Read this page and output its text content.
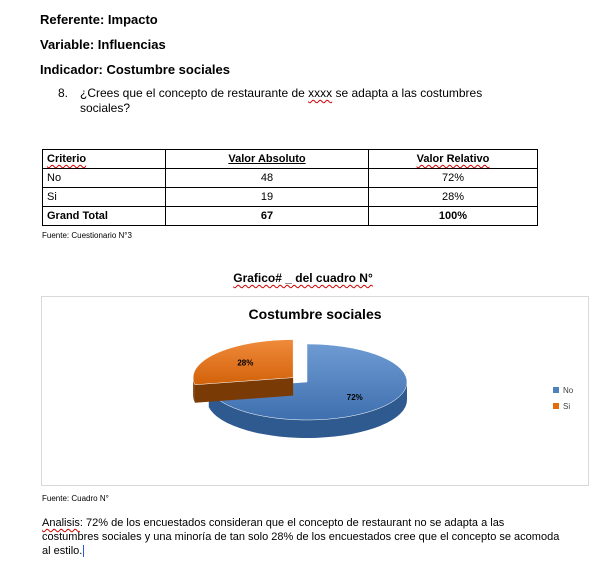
Referente: Impacto
Variable: Influencias
Indicador: Costumbre sociales
8. ¿Crees que el concepto de restaurante de xxxx se adapta a las costumbres sociales?
Criterio	Valor Absoluto	Valor Relativo
No	48	72%
Si	19	28%
Grand Total	67	100%
Fuente: Cuestionario N°3
Grafico# _ del cuadro N°
Costumbre sociales
72%
28%
No
Si
Fuente: Cuadro N°
Analisis: 72% de los encuestados consideran que el concepto de restaurant no se adapta a las costumbres sociales y una minoría de tan solo 28% de los encuestados cree que el concepto se acomoda al estilo.
